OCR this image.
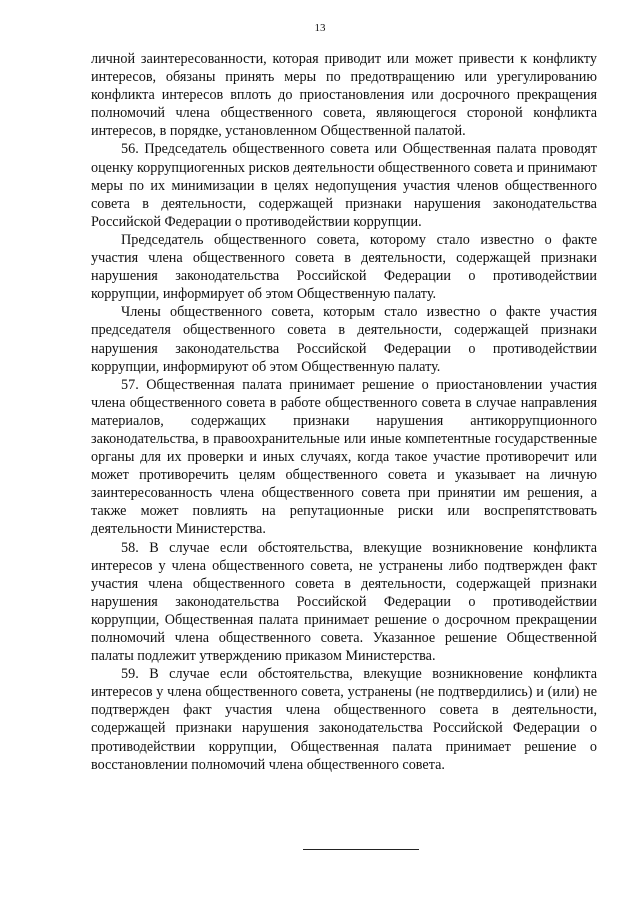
13

личной заинтересованности, которая приводит или может привести к конфликту интересов, обязаны принять меры по предотвращению или урегулированию конфликта интересов вплоть до приостановления или досрочного прекращения полномочий члена общественного совета, являющегося стороной конфликта интересов, в порядке, установленном Общественной палатой.

56. Председатель общественного совета или Общественная палата проводят оценку коррупциогенных рисков деятельности общественного совета и принимают меры по их минимизации в целях недопущения участия членов общественного совета в деятельности, содержащей признаки нарушения законодательства Российской Федерации о противодействии коррупции.

Председатель общественного совета, которому стало известно о факте участия члена общественного совета в деятельности, содержащей признаки нарушения законодательства Российской Федерации о противодействии коррупции, информирует об этом Общественную палату.

Члены общественного совета, которым стало известно о факте участия председателя общественного совета в деятельности, содержащей признаки нарушения законодательства Российской Федерации о противодействии коррупции, информируют об этом Общественную палату.

57. Общественная палата принимает решение о приостановлении участия члена общественного совета в работе общественного совета в случае направления материалов, содержащих признаки нарушения антикоррупционного законодательства, в правоохранительные или иные компетентные государственные органы для их проверки и иных случаях, когда такое участие противоречит или может противоречить целям общественного совета и указывает на личную заинтересованность члена общественного совета при принятии им решения, а также может повлиять на репутационные риски или воспрепятствовать деятельности Министерства.

58. В случае если обстоятельства, влекущие возникновение конфликта интересов у члена общественного совета, не устранены либо подтвержден факт участия члена общественного совета в деятельности, содержащей признаки нарушения законодательства Российской Федерации о противодействии коррупции, Общественная палата принимает решение о досрочном прекращении полномочий члена общественного совета. Указанное решение Общественной палаты подлежит утверждению приказом Министерства.

59. В случае если обстоятельства, влекущие возникновение конфликта интересов у члена общественного совета, устранены (не подтвердились) и (или) не подтвержден факт участия члена общественного совета в деятельности, содержащей признаки нарушения законодательства Российской Федерации о противодействии коррупции, Общественная палата принимает решение о восстановлении полномочий члена общественного совета.
